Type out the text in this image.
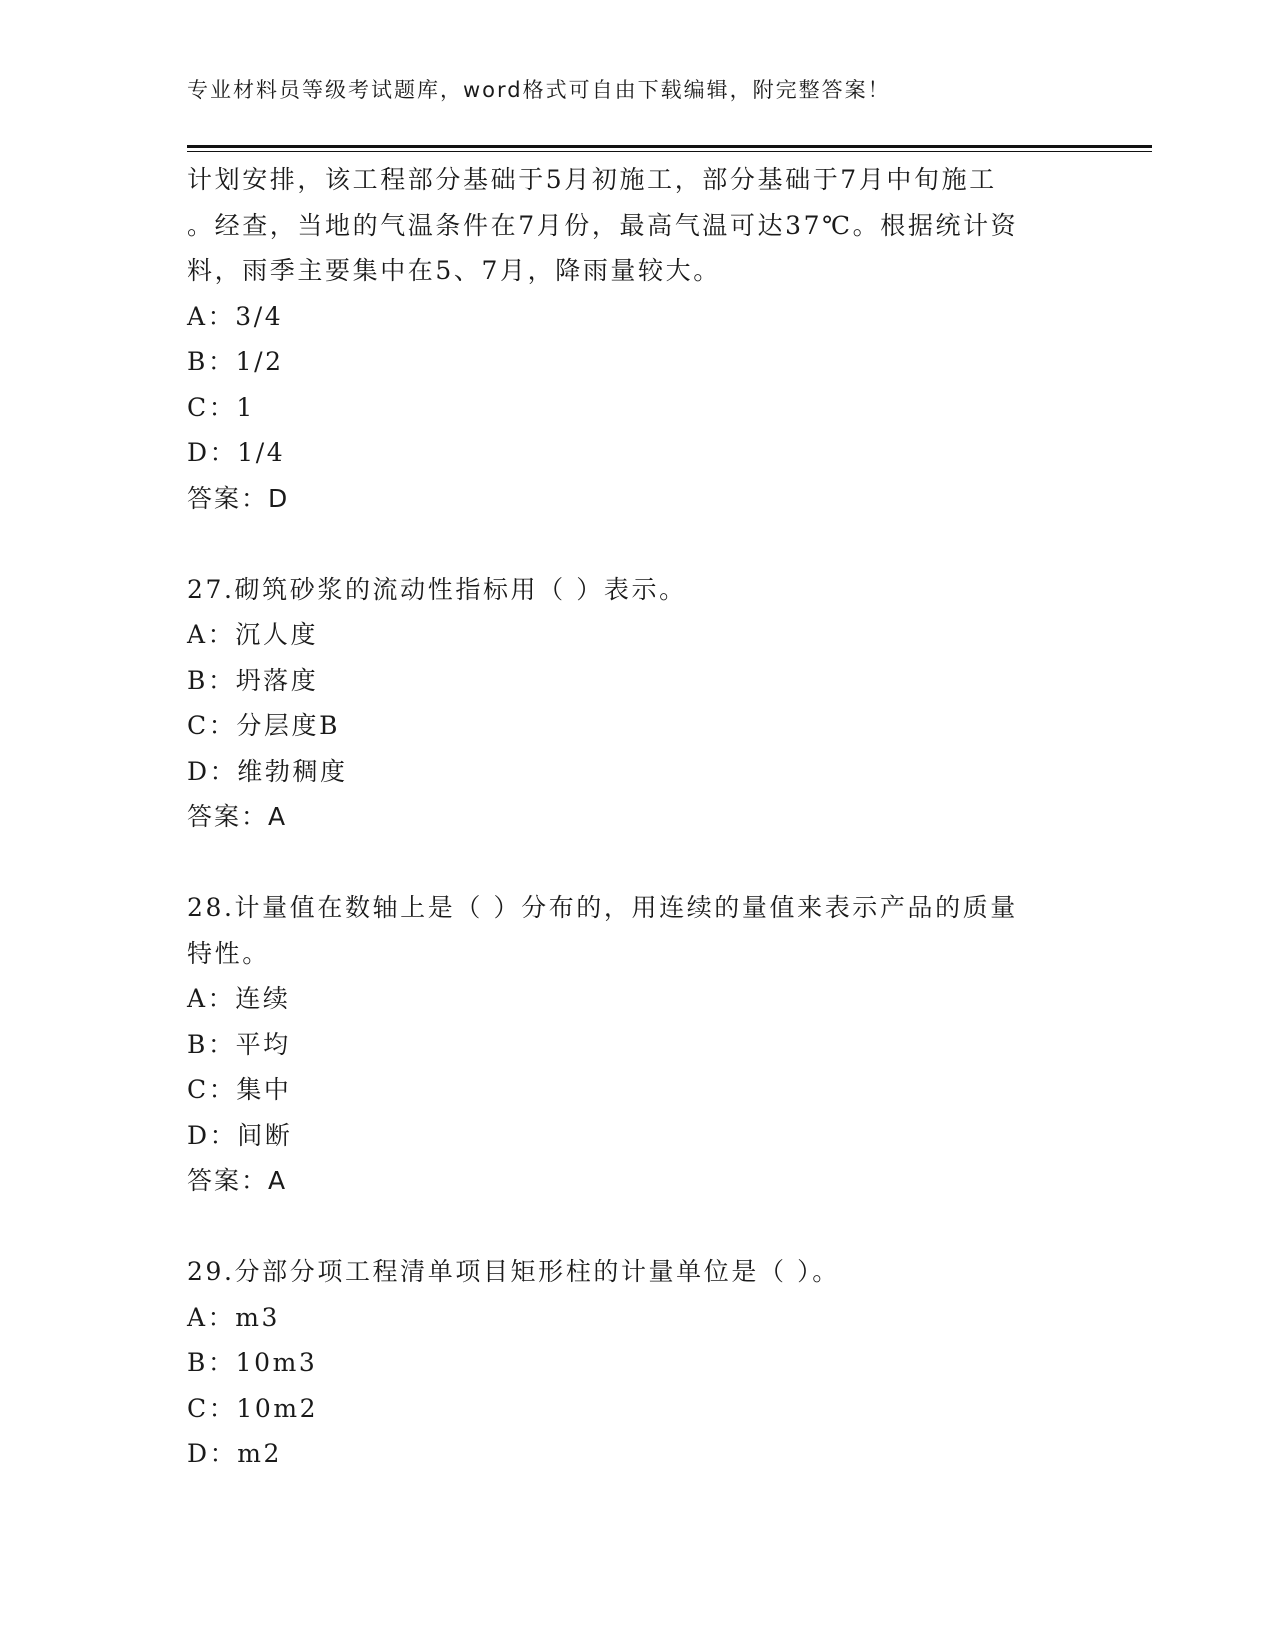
专业材料员等级考试题库，word格式可自由下载编辑，附完整答案！
计划安排，该工程部分基础于5月初施工，部分基础于7月中旬施工
。经查，当地的气温条件在7月份，最高气温可达37℃。根据统计资
料，雨季主要集中在5、7月，降雨量较大。
A：3/4
B：1/2
C：1
D：1/4
答案：D
27.砌筑砂浆的流动性指标用（ ）表示。
A：沉人度
B：坍落度
C：分层度B
D：维勃稠度
答案：A
28.计量值在数轴上是（ ）分布的，用连续的量值来表示产品的质量
特性。
A：连续
B：平均
C：集中
D：间断
答案：A
29.分部分项工程清单项目矩形柱的计量单位是（ ）。
A：m3
B：10m3
C：10m2
D：m2
